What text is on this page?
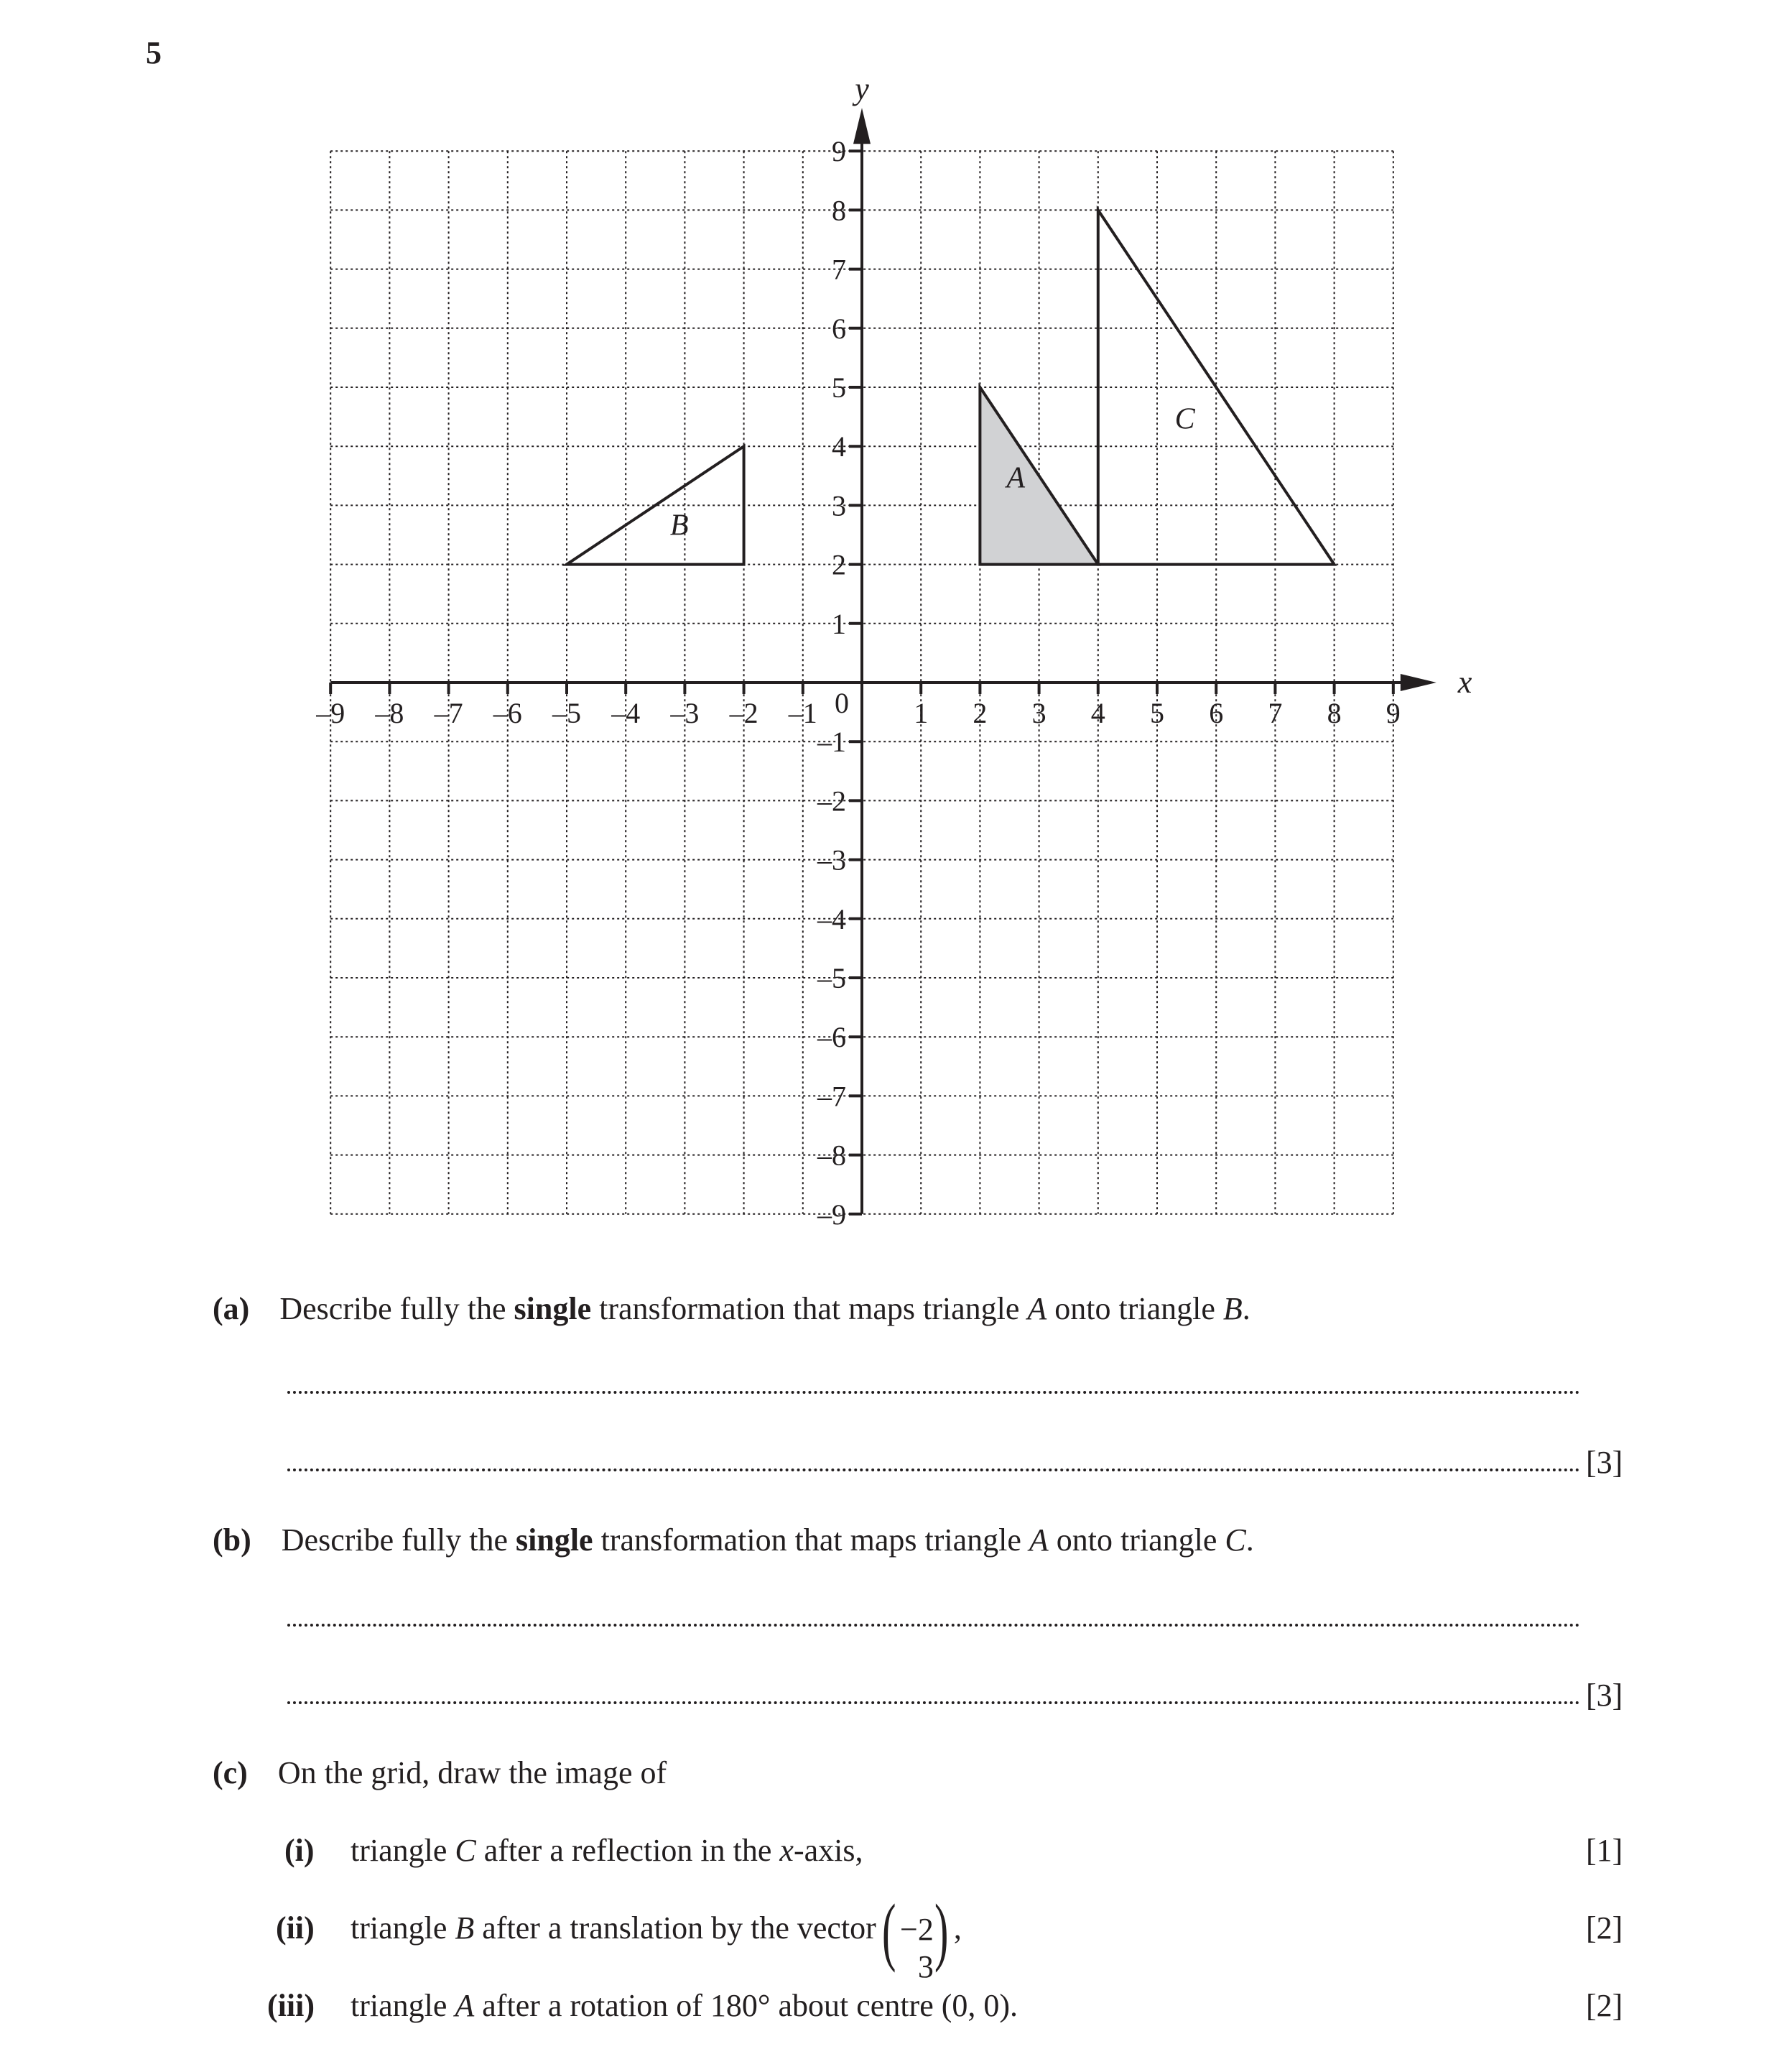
5
A
B
C
–9 –8 –7 –6 –5 –4 –3 –2 –1	1 2 3 4 5 6 7 8 9
9
8
7
6
5
4
3
2
1
–1
–2
–3
–4
–5
–6
–7
–8
–9
0
x
y
(a) Describe fully the single transformation that maps triangle A onto triangle B.
[3]
(b) Describe fully the single transformation that maps triangle A onto triangle C.
[3]
(c) On the grid, draw the image of
(i) triangle C after a reflection in the x-axis,	[1]
(ii) triangle B after a translation by the vector ( −2
3 ) ,	[2]
(iii) triangle A after a rotation of 180° about centre (0, 0).	[2]
